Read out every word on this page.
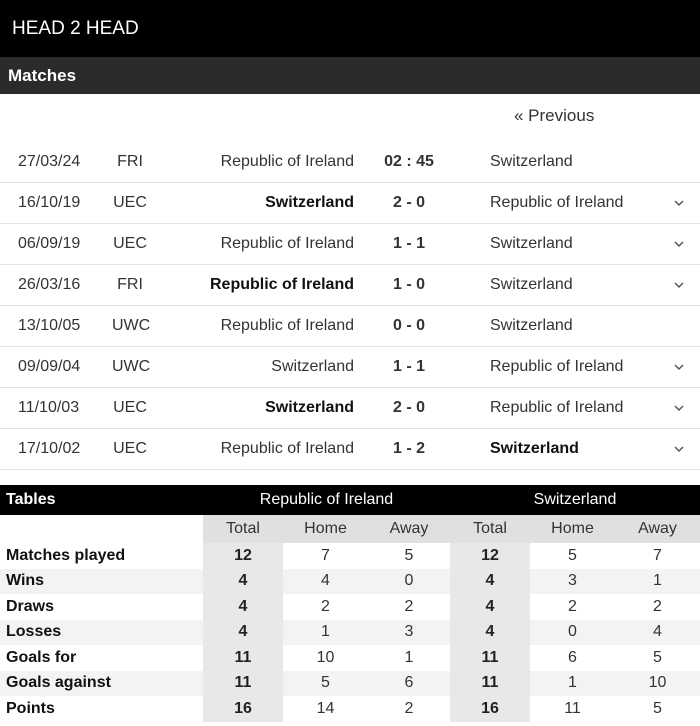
HEAD 2 HEAD
Matches
« Previous
27/03/24	FRI	Republic of Ireland 02 : 45	Switzerland
16/10/19 UEC	Switzerland	2 - 0	Republic of Ireland
06/09/19 UEC	Republic of Ireland	1 - 1	Switzerland
26/03/16	FRI	Republic of Ireland	1 - 0	Switzerland
13/10/05 UWC	Republic of Ireland	0 - 0	Switzerland
09/09/04 UWC	Switzerland	1 - 1	Republic of Ireland
11/10/03 UEC	Switzerland	2 - 0	Republic of Ireland
17/10/02 UEC	Republic of Ireland	1 - 2	Switzerland
Tables	Republic of Ireland			Switzerland		
	Total	Home	Away	Total	Home	Away
Matches played	12	7	5	12	5	7
Wins	4	4	0	4	3	1
Draws	4	2	2	4	2	2
Losses	4	1	3	4	0	4
Goals for	11	10	1	11	6	5
Goals against	11	5	6	11	1	10
Points	16	14	2	16	11	5
